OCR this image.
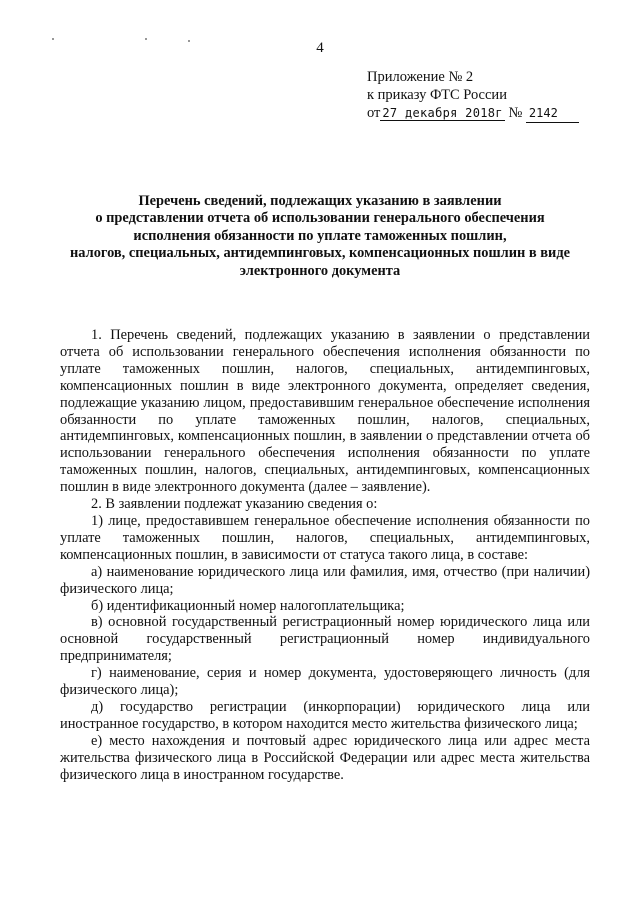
4
Приложение № 2
к приказу ФТС России
от 27 декабря 2018г № 2142
Перечень сведений, подлежащих указанию в заявлении
о представлении отчета об использовании генерального обеспечения
исполнения обязанности по уплате таможенных пошлин,
налогов, специальных, антидемпинговых, компенсационных пошлин в виде
электронного документа

1. Перечень сведений, подлежащих указанию в заявлении о представлении отчета об использовании генерального обеспечения исполнения обязанности по уплате таможенных пошлин, налогов, специальных, антидемпинговых, компенсационных пошлин в виде электронного документа, определяет сведения, подлежащие указанию лицом, предоставившим генеральное обеспечение исполнения обязанности по уплате таможенных пошлин, налогов, специальных, антидемпинговых, компенсационных пошлин, в заявлении о представлении отчета об использовании генерального обеспечения исполнения обязанности по уплате таможенных пошлин, налогов, специальных, антидемпинговых, компенсационных пошлин в виде электронного документа (далее – заявление).

2. В заявлении подлежат указанию сведения о:

1) лице, предоставившем генеральное обеспечение исполнения обязанности по уплате таможенных пошлин, налогов, специальных, антидемпинговых, компенсационных пошлин, в зависимости от статуса такого лица, в составе:

а) наименование юридического лица или фамилия, имя, отчество (при наличии) физического лица;

б) идентификационный номер налогоплательщика;

в) основной государственный регистрационный номер юридического лица или основной государственный регистрационный номер индивидуального предпринимателя;

г) наименование, серия и номер документа, удостоверяющего личность (для физического лица);

д) государство регистрации (инкорпорации) юридического лица или иностранное государство, в котором находится место жительства физического лица;

е) место нахождения и почтовый адрес юридического лица или адрес места жительства физического лица в Российской Федерации или адрес места жительства физического лица в иностранном государстве.
